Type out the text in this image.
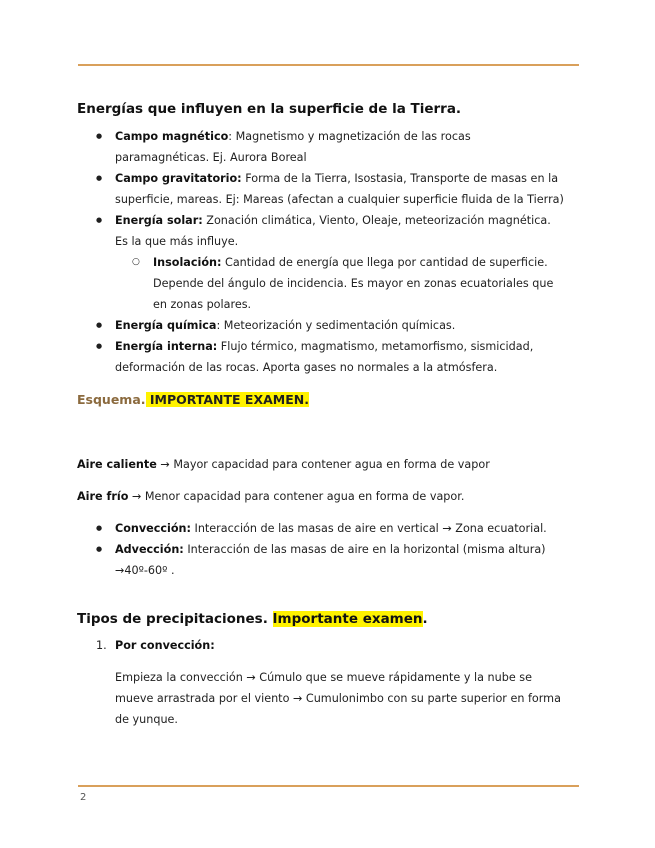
Energías que influyen en la superficie de la Tierra.
● Campo magnético: Magnetismo y magnetización de las rocas paramagnéticas. Ej. Aurora Boreal
● Campo gravitatorio: Forma de la Tierra, Isostasia, Transporte de masas en la superficie, mareas. Ej: Mareas (afectan a cualquier superficie fluida de la Tierra)
● Energía solar: Zonación climática, Viento, Oleaje, meteorización magnética. Es la que más influye.
○ Insolación: Cantidad de energía que llega por cantidad de superficie. Depende del ángulo de incidencia. Es mayor en zonas ecuatoriales que en zonas polares.
● Energía química: Meteorización y sedimentación químicas.
● Energía interna: Flujo térmico, magmatismo, metamorfismo, sismicidad, deformación de las rocas. Aporta gases no normales a la atmósfera.
Esquema. IMPORTANTE EXAMEN.
Aire caliente → Mayor capacidad para contener agua en forma de vapor
Aire frío → Menor capacidad para contener agua en forma de vapor.
● Convección: Interacción de las masas de aire en vertical → Zona ecuatorial.
● Advección: Interacción de las masas de aire en la horizontal (misma altura) →40º-60º .
Tipos de precipitaciones. Importante examen.
1. Por convección:
Empieza la convección → Cúmulo que se mueve rápidamente y la nube se mueve arrastrada por el viento → Cumulonimbo con su parte superior en forma de yunque.
2
